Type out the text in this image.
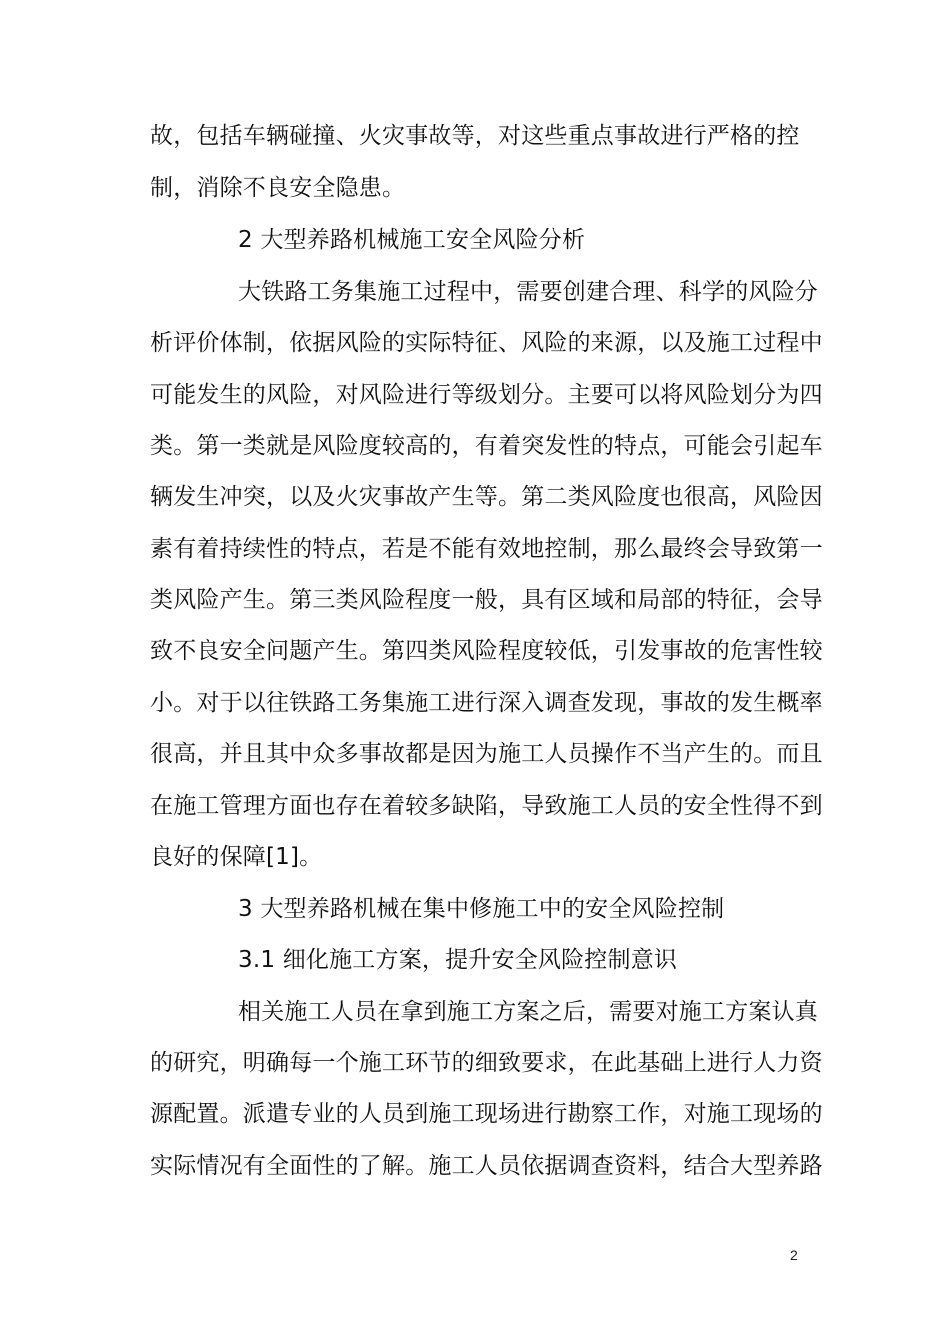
故，包括车辆碰撞、火灾事故等，对这些重点事故进行严格的控
制，消除不良安全隐患。
2 大型养路机械施工安全风险分析
大铁路工务集施工过程中，需要创建合理、科学的风险分
析评价体制，依据风险的实际特征、风险的来源，以及施工过程中
可能发生的风险，对风险进行等级划分。主要可以将风险划分为四
类。第一类就是风险度较高的，有着突发性的特点，可能会引起车
辆发生冲突，以及火灾事故产生等。第二类风险度也很高，风险因
素有着持续性的特点，若是不能有效地控制，那么最终会导致第一
类风险产生。第三类风险程度一般，具有区域和局部的特征，会导
致不良安全问题产生。第四类风险程度较低，引发事故的危害性较
小。对于以往铁路工务集施工进行深入调查发现，事故的发生概率
很高，并且其中众多事故都是因为施工人员操作不当产生的。而且
在施工管理方面也存在着较多缺陷，导致施工人员的安全性得不到
良好的保障[1]。
3 大型养路机械在集中修施工中的安全风险控制
3.1 细化施工方案，提升安全风险控制意识
相关施工人员在拿到施工方案之后，需要对施工方案认真
的研究，明确每一个施工环节的细致要求，在此基础上进行人力资
源配置。派遣专业的人员到施工现场进行勘察工作，对施工现场的
实际情况有全面性的了解。施工人员依据调查资料，结合大型养路
2
